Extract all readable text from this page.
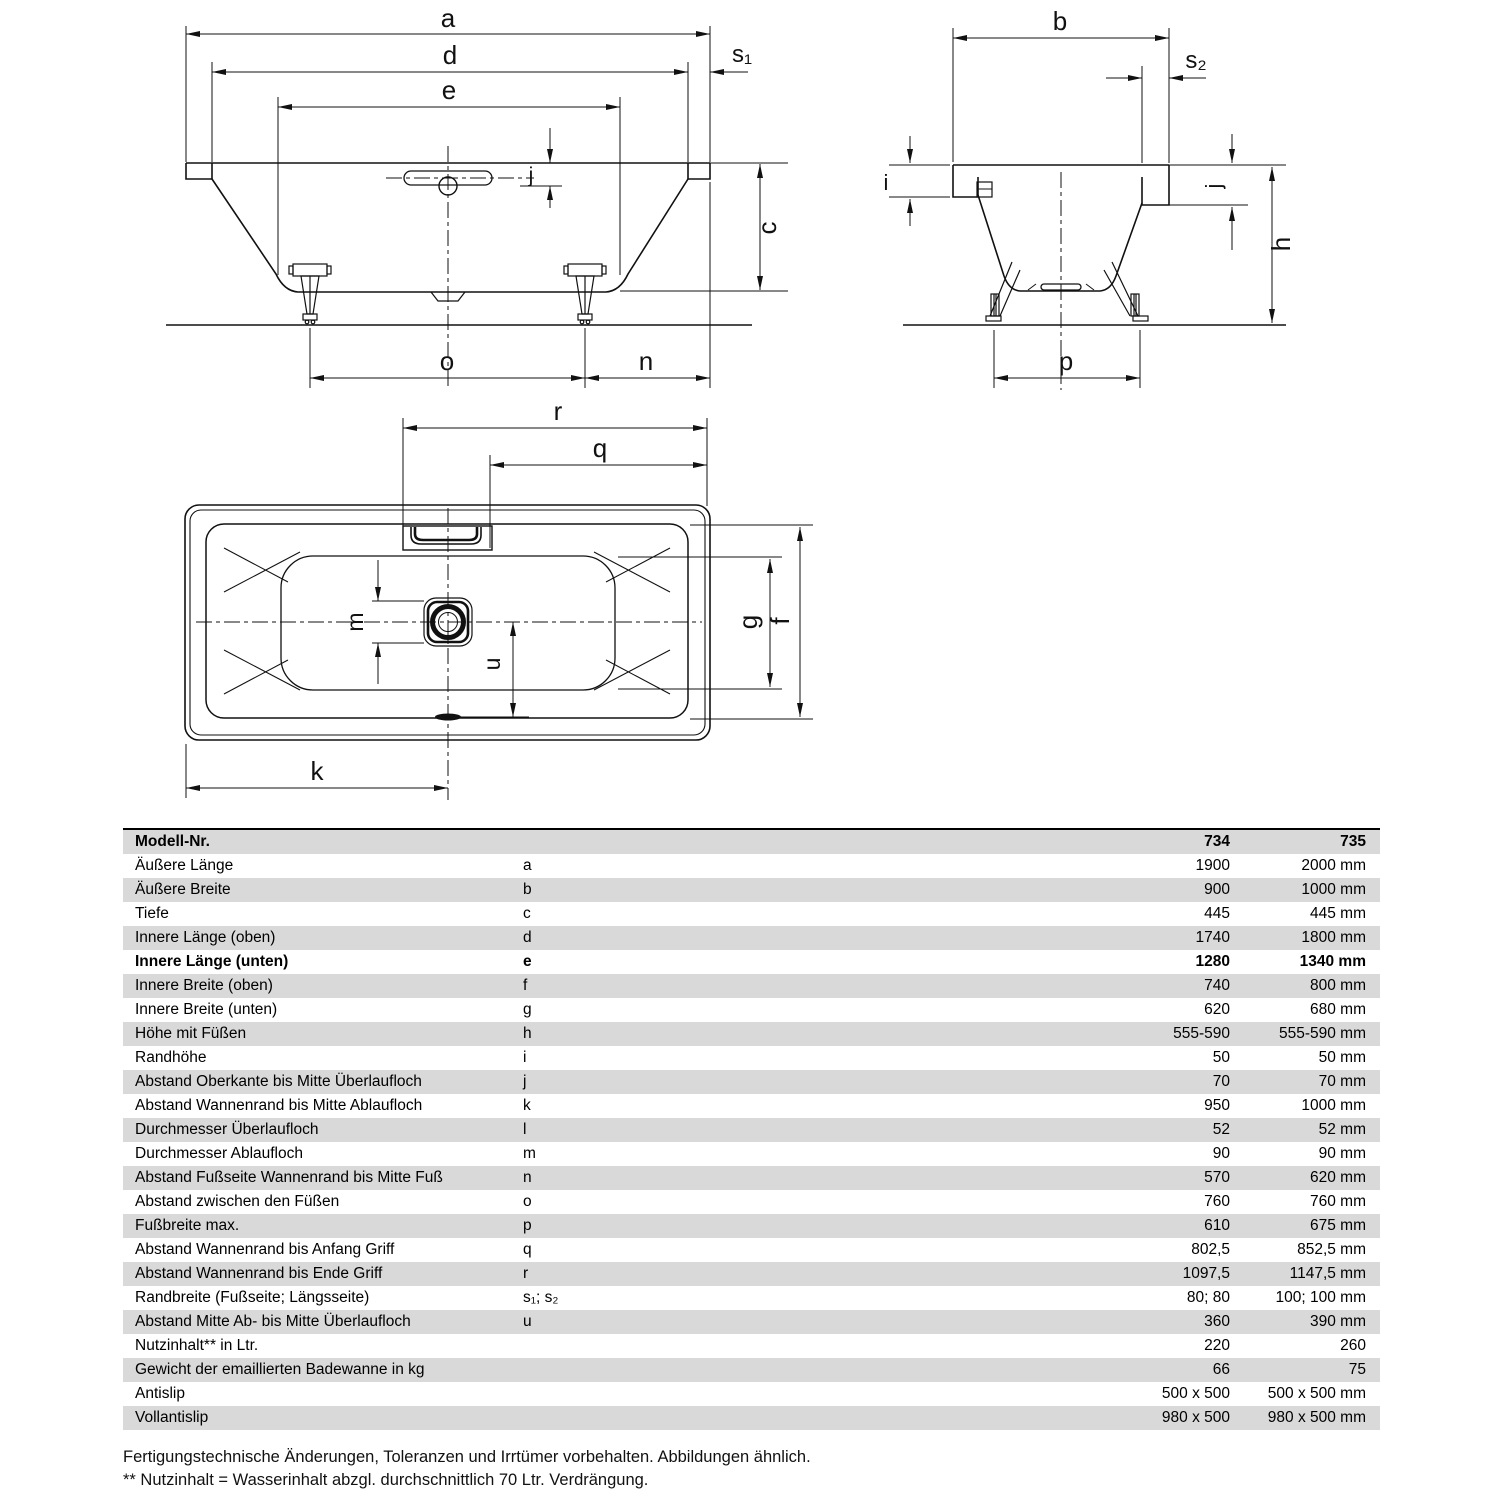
a
d
e
s₁
j
c
o	n
b
s₂
i	j
h
p
r
q
m
u
g f
k
Modell-Nr.	734	735
Äußere Länge	a	1900	2000 mm
Äußere Breite	b	900	1000 mm
Tiefe	c	445	445 mm
Innere Länge (oben)	d	1740	1800 mm
Innere Länge (unten)	e	1280	1340 mm
Innere Breite (oben)	f	740	800 mm
Innere Breite (unten)	g	620	680 mm
Höhe mit Füßen	h	555-590	555-590 mm
Randhöhe	i	50	50 mm
Abstand Oberkante bis Mitte Überlaufloch	j	70	70 mm
Abstand Wannenrand bis Mitte Ablaufloch	k	950	1000 mm
Durchmesser Überlaufloch	l	52	52 mm
Durchmesser Ablaufloch	m	90	90 mm
Abstand Fußseite Wannenrand bis Mitte Fuß	n	570	620 mm
Abstand zwischen den Füßen	o	760	760 mm
Fußbreite max.	p	610	675 mm
Abstand Wannenrand bis Anfang Griff	q	802,5	852,5 mm
Abstand Wannenrand bis Ende Griff	r	1097,5	1147,5 mm
Randbreite (Fußseite; Längsseite)	s₁; s₂	80; 80	100; 100 mm
Abstand Mitte Ab- bis Mitte Überlaufloch	u	360	390 mm
Nutzinhalt** in Ltr.	220	260
Gewicht der emaillierten Badewanne in kg	66	75
Antislip	500 x 500	500 x 500 mm
Vollantislip	980 x 500	980 x 500 mm
Fertigungstechnische Änderungen, Toleranzen und Irrtümer vorbehalten. Abbildungen ähnlich.
** Nutzinhalt = Wasserinhalt abzgl. durchschnittlich 70 Ltr. Verdrängung.
